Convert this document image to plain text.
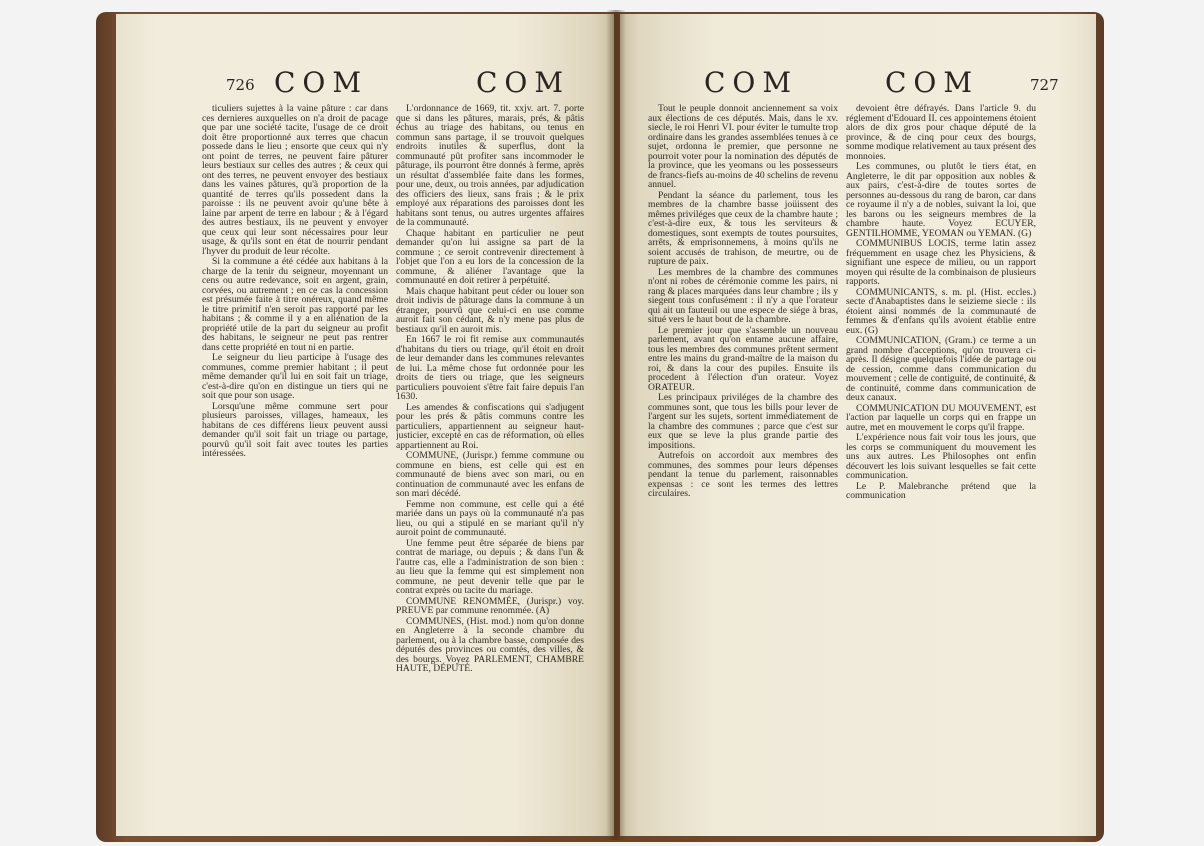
726 COM	COM

ticuliers sujettes à la vaine pâture : car dans ces dernieres auxquelles on n'a droit de pacage que par une société tacite, l'usage de ce droit doit être proportionné aux terres que chacun possede dans le lieu ; ensorte que ceux qui n'y ont point de terres, ne peuvent faire pâturer leurs bestiaux sur celles des autres ; & ceux qui ont des terres, ne peuvent envoyer des bestiaux dans les vaines pâtures, qu'à proportion de la quantité de terres qu'ils possedent dans la paroisse : ils ne peuvent avoir qu'une bête à laine par arpent de terre en labour ; & à l'égard des autres bestiaux, ils ne peuvent y envoyer que ceux qui leur sont nécessaires pour leur usage, & qu'ils sont en état de nourrir pendant l'hyver du produit de leur récolte.

Si la commune a été cédée aux habitans à la charge de la tenir du seigneur, moyennant un cens ou autre redevance, soit en argent, grain, corvées, ou autrement ; en ce cas la concession est présumée faite à titre onéreux, quand même le titre primitif n'en seroit pas rapporté par les habitans ; & comme il y a en aliénation de la propriété utile de la part du seigneur au profit des habitans, le seigneur ne peut pas rentrer dans cette propriété en tout ni en partie.

Le seigneur du lieu participe à l'usage des communes, comme premier habitant ; il peut même demander qu'il lui en soit fait un triage, c'est-à-dire qu'on en distingue un tiers qui ne soit que pour son usage.

Lorsqu'une même commune sert pour plusieurs paroisses, villages, hameaux, les habitans de ces différens lieux peuvent aussi demander qu'il soit fait un triage ou partage, pourvû qu'il soit fait avec toutes les parties intéressées.

L'ordonnance de 1669, tit. xxjv. art. 7. porte que si dans les pâtures, marais, prés, & pâtis échus au triage des habitans, ou tenus en commun sans partage, il se trouvoit quelques endroits inutiles & superflus, dont la communauté pût profiter sans incommoder le pâturage, ils pourront être donnés à ferme, après un résultat d'assemblée faite dans les formes, pour une, deux, ou trois années, par adjudication des officiers des lieux, sans frais ; & le prix employé aux réparations des paroisses dont les habitans sont tenus, ou autres urgentes affaires de la communauté.

Chaque habitant en particulier ne peut demander qu'on lui assigne sa part de la commune ; ce seroit contrevenir directement à l'objet que l'on a eu lors de la concession de la commune, & aliéner l'avantage que la communauté en doit retirer à perpétuité.

Mais chaque habitant peut céder ou louer son droit indivis de pâturage dans la commune à un étranger, pourvû que celui-ci en use comme auroit fait son cédant, & n'y mene pas plus de bestiaux qu'il en auroit mis.

En 1667 le roi fit remise aux communautés d'habitans du tiers ou triage, qu'il étoit en droit de leur demander dans les communes relevantes de lui. La même chose fut ordonnée pour les droits de tiers ou triage, que les seigneurs particuliers pouvoient s'être fait faire depuis l'an 1630.

Les amendes & confiscations qui s'adjugent pour les prés & pâtis communs contre les particuliers, appartiennent au seigneur haut-justicier, excepté en cas de réformation, où elles appartiennent au Roi.

COMMUNE, (Jurispr.) femme commune ou commune en biens, est celle qui est en communauté de biens avec son mari, ou en continuation de communauté avec les enfans de son mari décédé.

Femme non commune, est celle qui a été mariée dans un pays où la communauté n'a pas lieu, ou qui a stipulé en se mariant qu'il n'y auroit point de communauté.

Une femme peut être séparée de biens par contrat de mariage, ou depuis ; & dans l'un & l'autre cas, elle a l'administration de son bien : au lieu que la femme qui est simplement non commune, ne peut devenir telle que par le contrat exprès ou tacite du mariage.

COMMUNE RENOMMÉE, (Jurispr.) voy. PREUVE par commune renommée. (A)

COMMUNES, (Hist. mod.) nom qu'on donne en Angleterre à la seconde chambre du parlement, ou à la chambre basse, composée des députés des provinces ou comtés, des villes, & des bourgs. Voyez PARLEMENT, CHAMBRE HAUTE, DÉPUTÉ.

COM	COM	727

Tout le peuple donnoit anciennement sa voix aux élections de ces députés. Mais, dans le xv. siecle, le roi Henri VI. pour éviter le tumulte trop ordinaire dans les grandes assemblées tenues à ce sujet, ordonna le premier, que personne ne pourroit voter pour la nomination des députés de la province, que les yeomans ou les possesseurs de francs-fiefs au-moins de 40 schelins de revenu annuel.

Pendant la séance du parlement, tous les membres de la chambre basse joüissent des mêmes priviléges que ceux de la chambre haute ; c'est-à-dire eux, & tous les serviteurs & domestiques, sont exempts de toutes poursuites, arrêts, & emprisonnemens, à moins qu'ils ne soient accusés de trahison, de meurtre, ou de rupture de paix.

Les membres de la chambre des communes n'ont ni robes de cérémonie comme les pairs, ni rang & places marquées dans leur chambre ; ils y siegent tous confusément : il n'y a que l'orateur qui ait un fauteuil ou une espece de siége à bras, situé vers le haut bout de la chambre.

Le premier jour que s'assemble un nouveau parlement, avant qu'on entame aucune affaire, tous les membres des communes prêtent serment entre les mains du grand-maître de la maison du roi, & dans la cour des pupiles. Ensuite ils procedent à l'élection d'un orateur. Voyez ORATEUR.

Les principaux priviléges de la chambre des communes sont, que tous les bills pour lever de l'argent sur les sujets, sortent immédiatement de la chambre des communes ; parce que c'est sur eux que se leve la plus grande partie des impositions.

Autrefois on accordoit aux membres des communes, des sommes pour leurs dépenses pendant la tenue du parlement, raisonnables expensas : ce sont les termes des lettres circulaires.

devoient être défrayés. Dans l'article 9. du réglement d'Edouard II. ces appointemens étoient alors de dix gros pour chaque député de la province, & de cinq pour ceux des bourgs, somme modique relativement au taux présent des monnoies.

Les communes, ou plutôt le tiers état, en Angleterre, le dit par opposition aux nobles & aux pairs, c'est-à-dire de toutes sortes de personnes au-dessous du rang de baron, car dans ce royaume il n'y a de nobles, suivant la loi, que les barons ou les seigneurs membres de la chambre haute. Voyez ECUYER, GENTILHOMME, YEOMAN ou YEMAN. (G)

COMMUNIBUS LOCIS, terme latin assez fréquemment en usage chez les Physiciens, & signifiant une espece de milieu, ou un rapport moyen qui résulte de la combinaison de plusieurs rapports.

COMMUNICANTS, s. m. pl. (Hist. eccles.) secte d'Anabaptistes dans le seizieme siecle : ils étoient ainsi nommés de la communauté de femmes & d'enfans qu'ils avoient établie entre eux. (G)

COMMUNICATION, (Gram.) ce terme a un grand nombre d'acceptions, qu'on trouvera ci-après. Il désigne quelquefois l'idée de partage ou de cession, comme dans communication du mouvement ; celle de contiguité, de continuité, & de continuité, comme dans communication de deux canaux.

COMMUNICATION DU MOUVEMENT, est l'action par laquelle un corps qui en frappe un autre, met en mouvement le corps qu'il frappe.

L'expérience nous fait voir tous les jours, que les corps se communiquent du mouvement les uns aux autres. Les Philosophes ont enfin découvert les lois suivant lesquelles se fait cette communication.

Le P. Malebranche prétend que la communication
